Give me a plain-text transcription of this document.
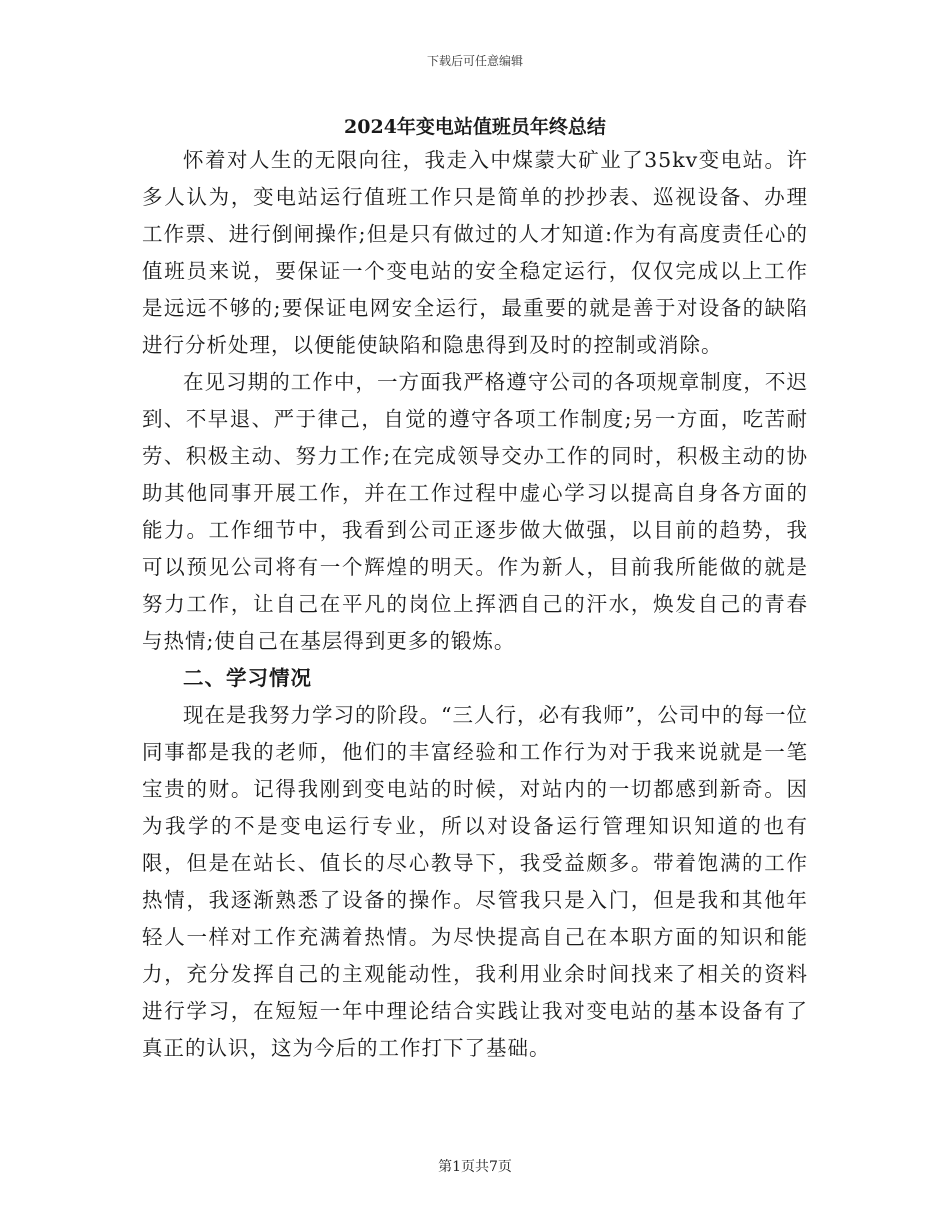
下载后可任意编辑
2024年变电站值班员年终总结

怀着对人生的无限向往，我走入中煤蒙大矿业了35kv变电站。许多人认为，变电站运行值班工作只是简单的抄抄表、巡视设备、办理工作票、进行倒闸操作;但是只有做过的人才知道:作为有高度责任心的值班员来说，要保证一个变电站的安全稳定运行，仅仅完成以上工作是远远不够的;要保证电网安全运行，最重要的就是善于对设备的缺陷进行分析处理，以便能使缺陷和隐患得到及时的控制或消除。

在见习期的工作中，一方面我严格遵守公司的各项规章制度，不迟到、不早退、严于律己，自觉的遵守各项工作制度;另一方面，吃苦耐劳、积极主动、努力工作;在完成领导交办工作的同时，积极主动的协助其他同事开展工作，并在工作过程中虚心学习以提高自身各方面的能力。工作细节中，我看到公司正逐步做大做强，以目前的趋势，我可以预见公司将有一个辉煌的明天。作为新人，目前我所能做的就是努力工作，让自己在平凡的岗位上挥洒自己的汗水，焕发自己的青春与热情;使自己在基层得到更多的锻炼。

二、学习情况

现在是我努力学习的阶段。“三人行，必有我师”，公司中的每一位同事都是我的老师，他们的丰富经验和工作行为对于我来说就是一笔宝贵的财。记得我刚到变电站的时候，对站内的一切都感到新奇。因为我学的不是变电运行专业，所以对设备运行管理知识知道的也有限，但是在站长、值长的尽心教导下，我受益颇多。带着饱满的工作热情，我逐渐熟悉了设备的操作。尽管我只是入门，但是我和其他年轻人一样对工作充满着热情。为尽快提高自己在本职方面的知识和能力，充分发挥自己的主观能动性，我利用业余时间找来了相关的资料进行学习，在短短一年中理论结合实践让我对变电站的基本设备有了真正的认识，这为今后的工作打下了基础。

第1页共7页
